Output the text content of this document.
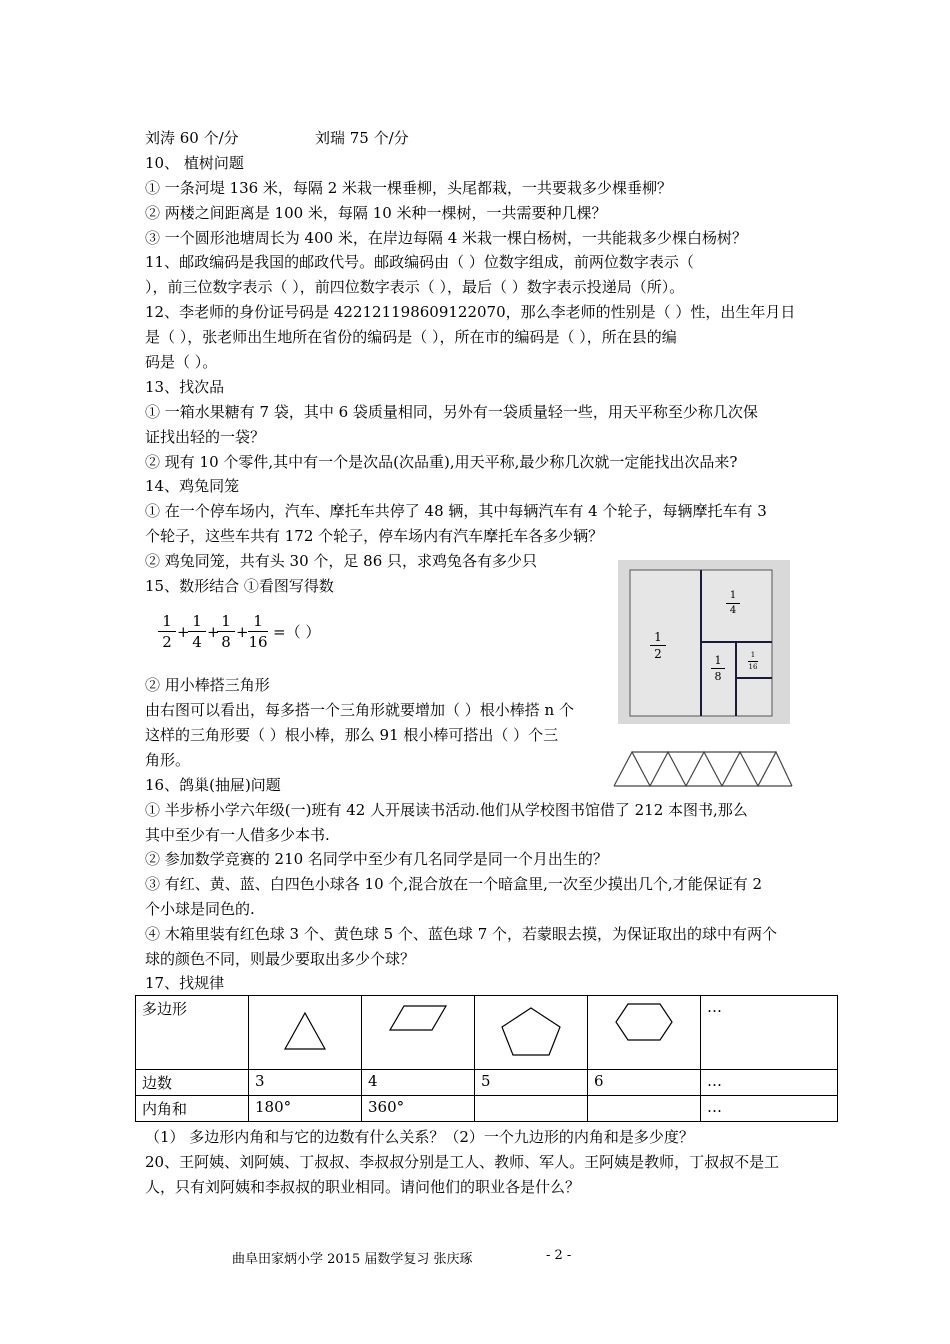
刘涛 60 个/分	刘瑞 75 个/分
10、 植树问题
① 一条河堤 136 米，每隔 2 米栽一棵垂柳，头尾都栽，一共要栽多少棵垂柳？
② 两楼之间距离是 100 米，每隔 10 米种一棵树，一共需要种几棵？
③ 一个圆形池塘周长为 400 米，在岸边每隔 4 米栽一棵白杨树，一共能栽多少棵白杨树？
11、邮政编码是我国的邮政代号。邮政编码由（ ）位数字组成，前两位数字表示（
），前三位数字表示（ ），前四位数字表示（ ），最后（ ）数字表示投递局（所）。
12、李老师的身份证号码是 422121198609122070，那么李老师的性别是（ ）性，出生年月日
是（ ），张老师出生地所在省份的编码是（ ），所在市的编码是（ ），所在县的编
码是（ ）。
13、找次品
① 一箱水果糖有 7 袋，其中 6 袋质量相同，另外有一袋质量轻一些，用天平称至少称几次保
证找出轻的一袋？
② 现有 10 个零件,其中有一个是次品(次品重),用天平称,最少称几次就一定能找出次品来?
14、鸡兔同笼
① 在一个停车场内，汽车、摩托车共停了 48 辆，其中每辆汽车有 4 个轮子，每辆摩托车有 3
个轮子，这些车共有 172 个轮子，停车场内有汽车摩托车各多少辆？
② 鸡兔同笼，共有头 30 个，足 86 只，求鸡兔各有多少只
15、数形结合 ①看图写得数
1
2
+
1
4
+
1
8
+
1
16
=（ ）
② 用小棒搭三角形
由右图可以看出，每多搭一个三角形就要增加（ ）根小棒搭 n 个
这样的三角形要（ ）根小棒，那么 91 根小棒可搭出（ ）个三
角形。
16、鸽巢(抽屉)问题
① 半步桥小学六年级(一)班有 42 人开展读书活动.他们从学校图书馆借了 212 本图书,那么
其中至少有一人借多少本书.
② 参加数学竞赛的 210 名同学中至少有几名同学是同一个月出生的？
③ 有红、黄、蓝、白四色小球各 10 个,混合放在一个暗盒里,一次至少摸出几个,才能保证有 2
个小球是同色的.
④ 木箱里装有红色球 3 个、黄色球 5 个、蓝色球 7 个，若蒙眼去摸，为保证取出的球中有两个
球的颜色不同，则最少要取出多少个球？
17、找规律
1
2
1
4
1
8
1
16
多边形					…
边数	3	4	5	6	…
内角和	180°	360°			…
（1） 多边形内角和与它的边数有什么关系？（2）一个九边形的内角和是多少度？
20、王阿姨、刘阿姨、丁叔叔、李叔叔分别是工人、教师、军人。王阿姨是教师，丁叔叔不是工
人，只有刘阿姨和李叔叔的职业相同。请问他们的职业各是什么？
曲阜田家炳小学 2015 届数学复习 张庆琢	- 2 -
